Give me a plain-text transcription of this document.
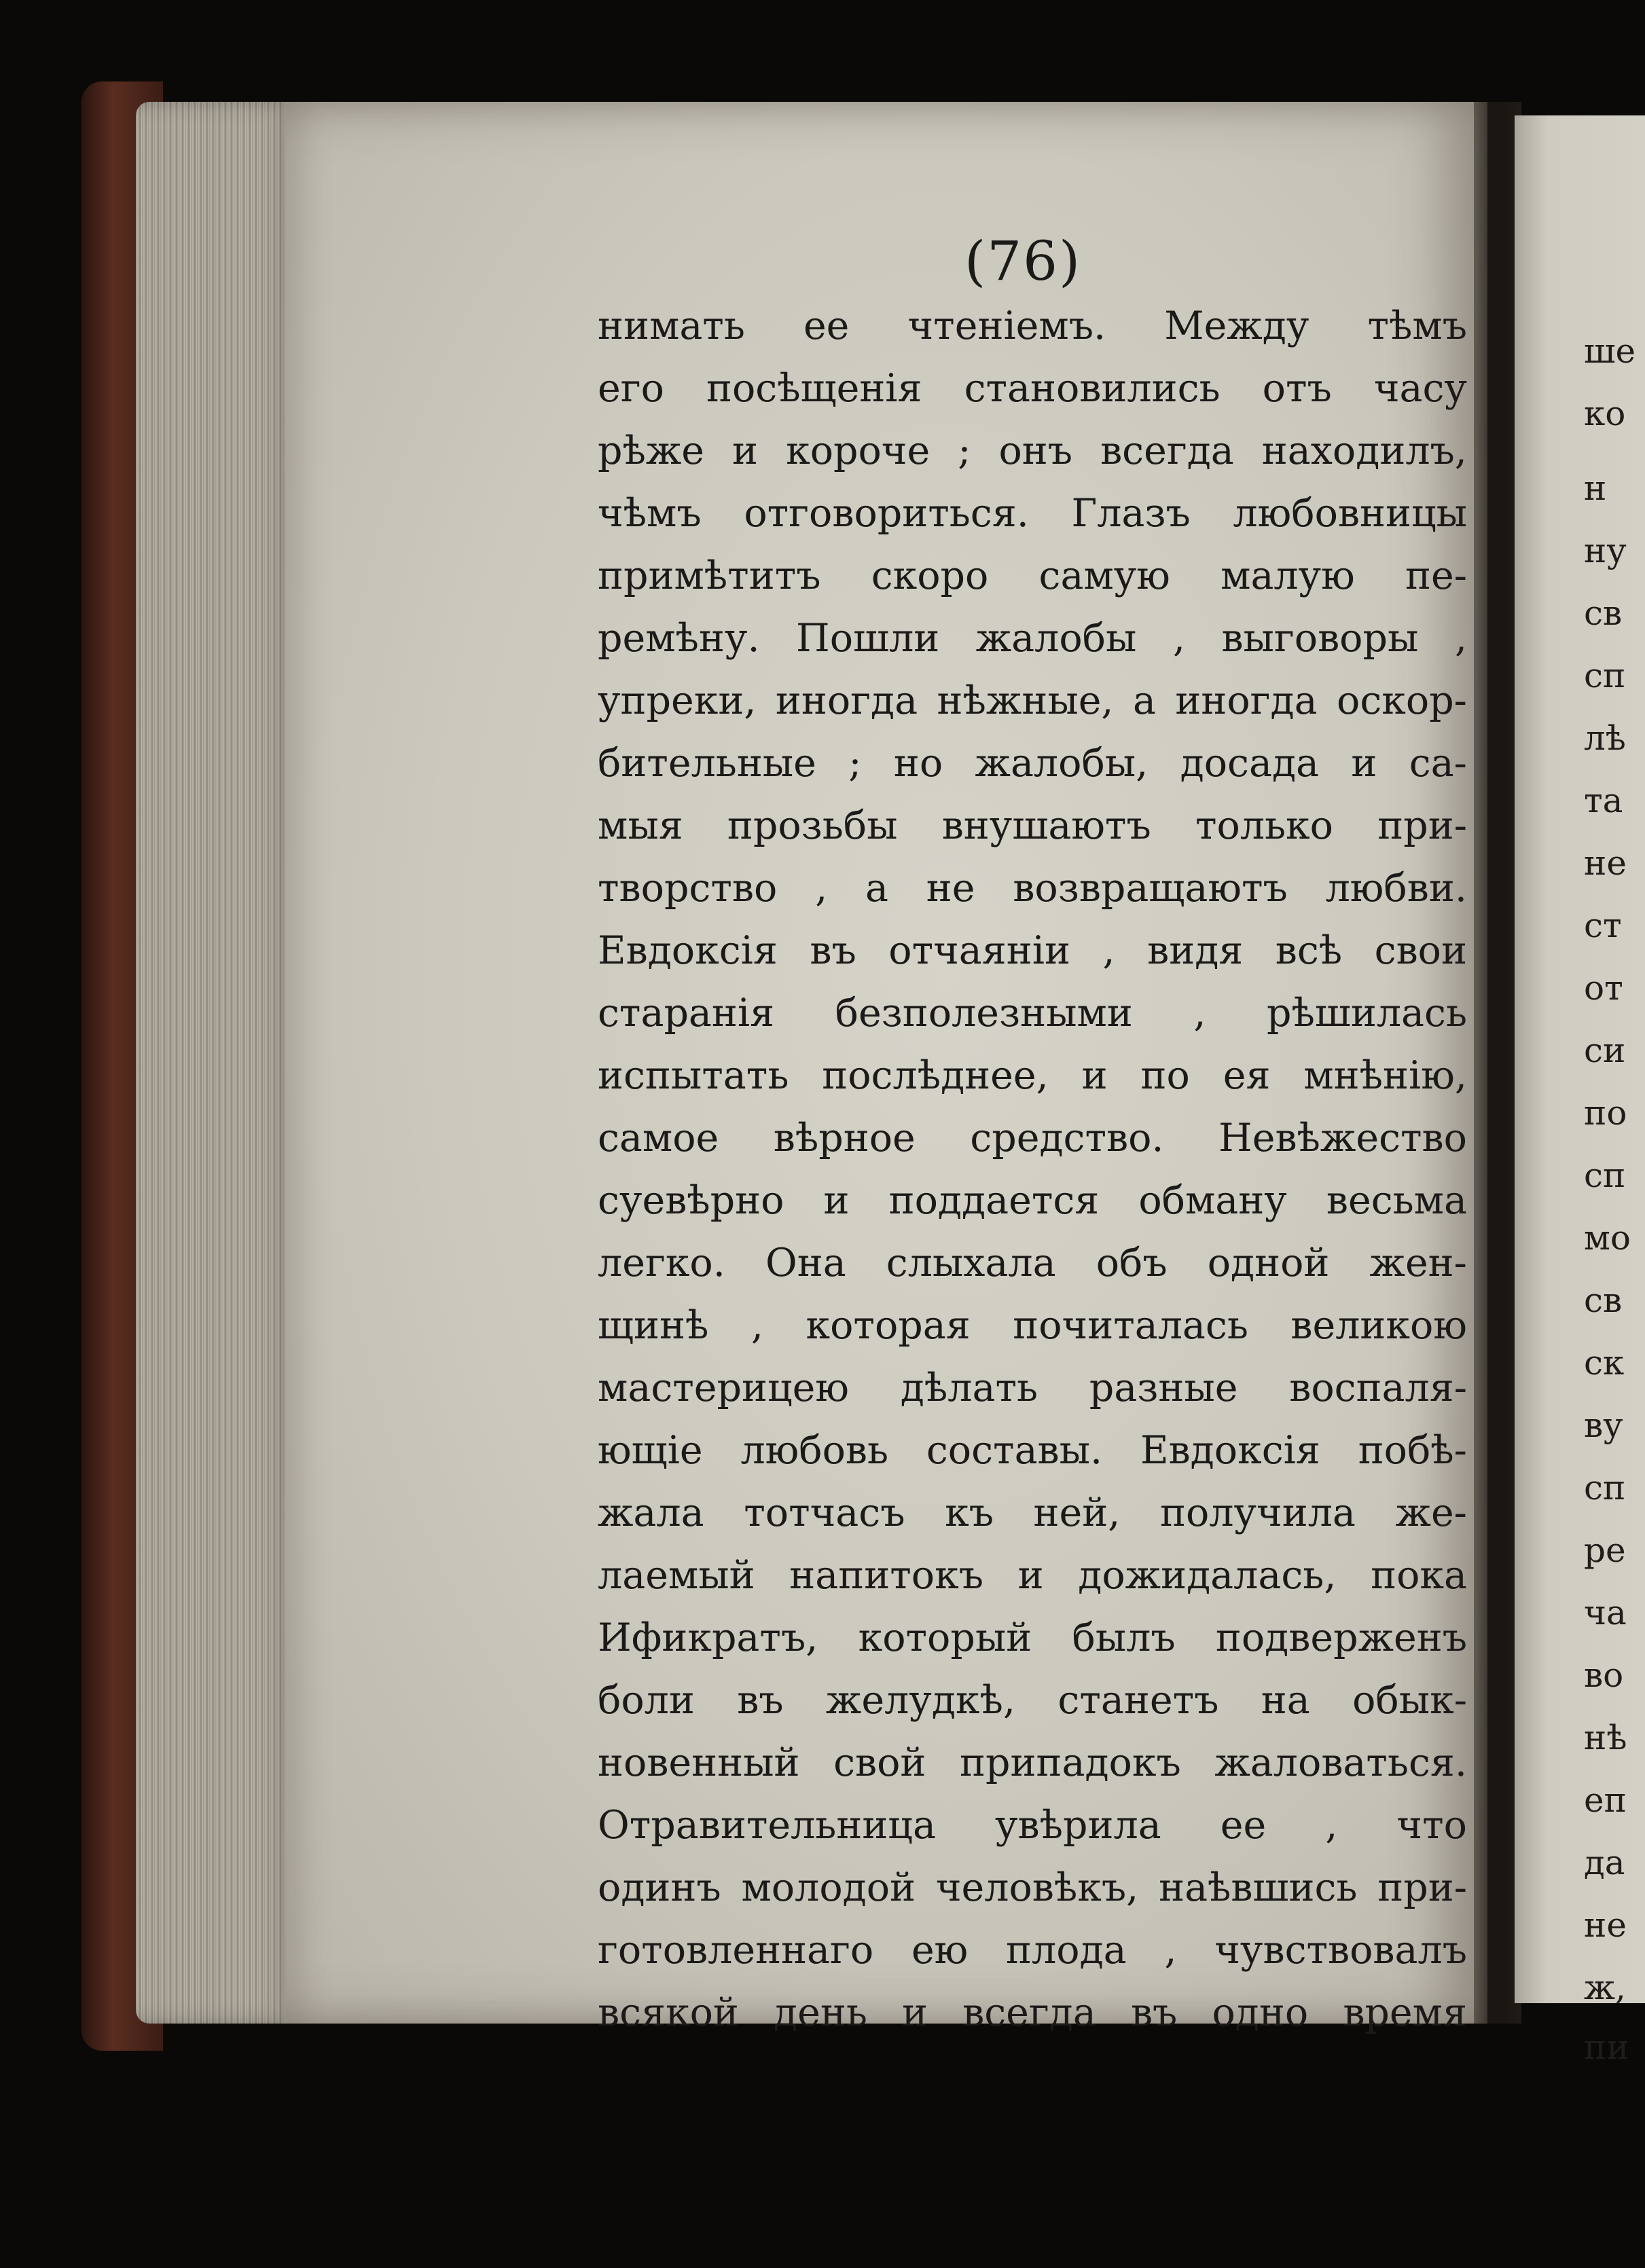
(76)
нимать ее чтеніемъ. Между тѣмъ
его посѣщенія становились отъ часу
рѣже и короче ; онъ всегда находилъ,
чѣмъ отговориться. Глазъ любовницы
примѣтитъ скоро самую малую пе-
ремѣну. Пошли жалобы , выговоры ,
упреки, иногда нѣжные, а иногда оскор-
бительные ; но жалобы, досада и са-
мыя прозьбы внушаютъ только при-
творство , а не возвращаютъ любви.
Евдоксія въ отчаяніи , видя всѣ свои
старанія безполезными , рѣшилась
испытать послѣднее, и по ея мнѣнію,
самое вѣрное средство. Невѣжество
суевѣрно и поддается обману весьма
легко. Она слыхала объ одной жен-
щинѣ , которая почиталась великою
мастерицею дѣлать разные воспаля-
ющіе любовь составы. Евдоксія побѣ-
жала тотчасъ къ ней, получила же-
лаемый напитокъ и дожидалась, пока
Ификратъ, который былъ подверженъ
боли въ желудкѣ, станетъ на обык-
новенный свой припадокъ жаловаться.
Отравительница увѣрила ее , что
одинъ молодой человѣкъ, наѣвшись при-
готовленнаго ею плода , чувствовалъ
всякой день и всегда въ одно время
ше
ко
н
ну
св
сп
лѣ
та
не
ст
от
си
по
сп
мо
св
ск
ву
сп
ре
ча
во
нѣ
еп
да
не
ж,
пи
